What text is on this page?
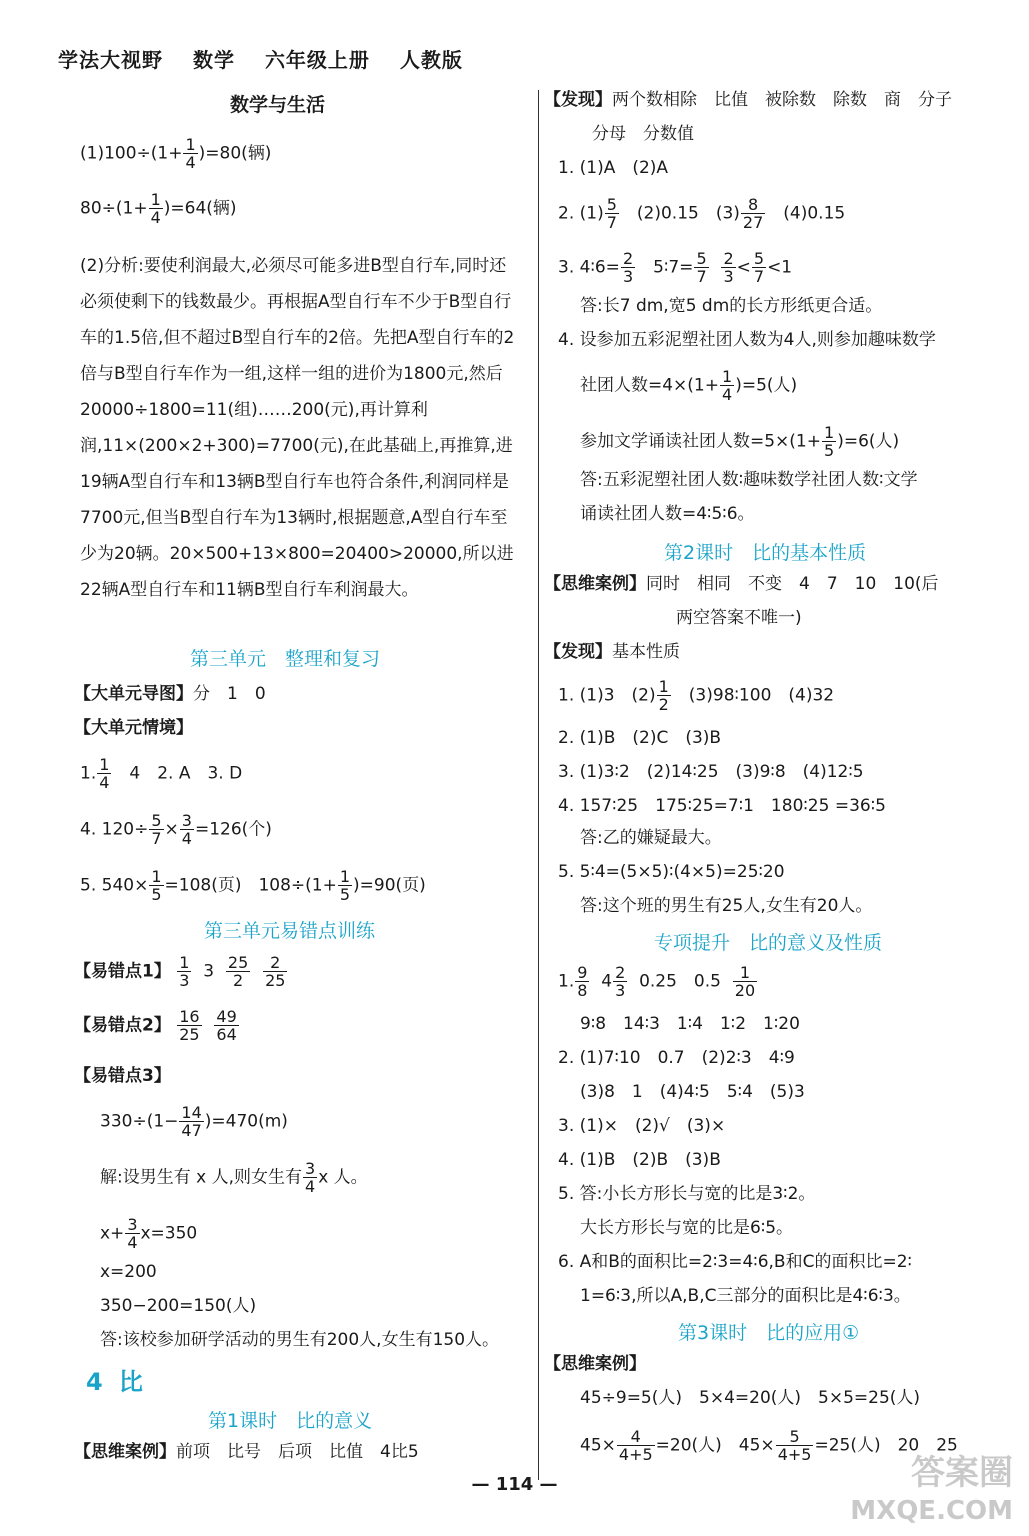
学法大视野 数学 六年级上册 人教版
数学与生活
$(1)100\div(1+ \frac{1}{4} )=80$(辆)
$80\div(1+ \frac{1}{4} )=64$(辆)
(2)分析:要使利润最大,必须尽可能多进B型自行车,同时还必须使剩下的钱数最少。再根据A型自行车不少于B型自行车的1.5倍,但不超过B型自行车的2倍。先把A型自行车的2倍与B型自行车作为一组,这样一组的进价为1800元,然后20000÷1800=11(组)……200(元),再计算利润,11×(200×2+300)=7700(元),在此基础上,再推算,进19辆A型自行车和13辆B型自行车也符合条件,利润同样是7700元,但当B型自行车为13辆时,根据题意,A型自行车至少为20辆。20×500+13×800=20400>20000,所以进22辆A型自行车和11辆B型自行车利润最大。
第三单元　整理和复习
【大单元导图】分　1　0
【大单元情境】
1. $\frac{1}{4}$ 　4　2. A　3. D
4. $120\div \frac{5}{7} \times \frac{3}{4} =126$(个)
5. $540\times \frac{1}{5} =108$(页)　$108\div(1+ \frac{1}{5} )=90$(页)
第三单元易错点训练
【易错点1】 $\frac{1}{3} 3 \frac{25}{2}$
$\frac{2}{25}$
【易错点2】 $\frac{16}{25}$
$\frac{49}{64}$
【易错点3】
$330\div(1- \frac{14}{47} )=470(m)$
解:设男生有 x 人,则女生有 $\frac{3}{4}$ x 人。
$x+ \frac{3}{4} x=350$
x=200
350−200=150(人)
答:该校参加研学活动的男生有200人,女生有150人。
4 比
第1课时　比的意义
【思维案例】前项　比号　后项　比值　4比5
【发现】两个数相除　比值　被除数　除数　商　分子
分母　分数值
1. (1)A　(2)A
2. $(1) \frac{5}{7}$ 　(2)0.15　$(3) \frac{8}{27}$ 　(4)0.15
3. 4∶6= $\frac{2}{3}$ 　5∶7= $\frac{5}{7}$
$\frac{2}{3} < \frac{5}{7} <1$
答:长7 dm,宽5 dm的长方形纸更合适。
4. 设参加五彩泥塑社团人数为4人,则参加趣味数学
社团人数$=4\times(1+ \frac{1}{4} )=5$(人)
参加文学诵读社团人数$=5\times(1+ \frac{1}{5} )=6$(人)
答:五彩泥塑社团人数∶趣味数学社团人数∶文学
诵读社团人数=4∶5∶6。
第2课时　比的基本性质
【思维案例】同时　相同　不变　4　7　10　10(后
两空答案不唯一)
【发现】基本性质
1. (1)3　$(2) \frac{1}{2}$ 　(3)98∶100　(4)32
2. (1)B　(2)C　(3)B
3. (1)3∶2　(2)14∶25　(3)9∶8　(4)12∶5
4. 157∶25　175∶25=7∶1　180∶25 =36∶5
答:乙的嫌疑最大。
5. 5∶4=(5×5)∶(4×5)=25∶20
答:这个班的男生有25人,女生有20人。
专项提升　比的意义及性质
1. $\frac{9}{8} 4 \frac{2}{3} 0.25$　$0.5 \frac{1}{20}$
9∶8　14∶3　1∶4　1∶2　1∶20
2. (1)7∶10　0.7　(2)2∶3　4∶9
(3)8　1　(4)4∶5　5∶4　(5)3
3. (1)×　(2)√　(3)×
4. (1)B　(2)B　(3)B
5. 答:小长方形长与宽的比是3∶2。
大长方形长与宽的比是6∶5。
6. A和B的面积比=2∶3=4∶6,B和C的面积比=2∶
1=6∶3,所以A,B,C三部分的面积比是4∶6∶3。
第3课时　比的应用①
【思维案例】
45÷9=5(人)　5×4=20(人)　5×5=25(人)
$45\times \frac{4}{4+5} =20$(人)　$45\times \frac{5}{4+5} =25$(人)　20　25
— 114 —	答案圈
MXQE.COM
